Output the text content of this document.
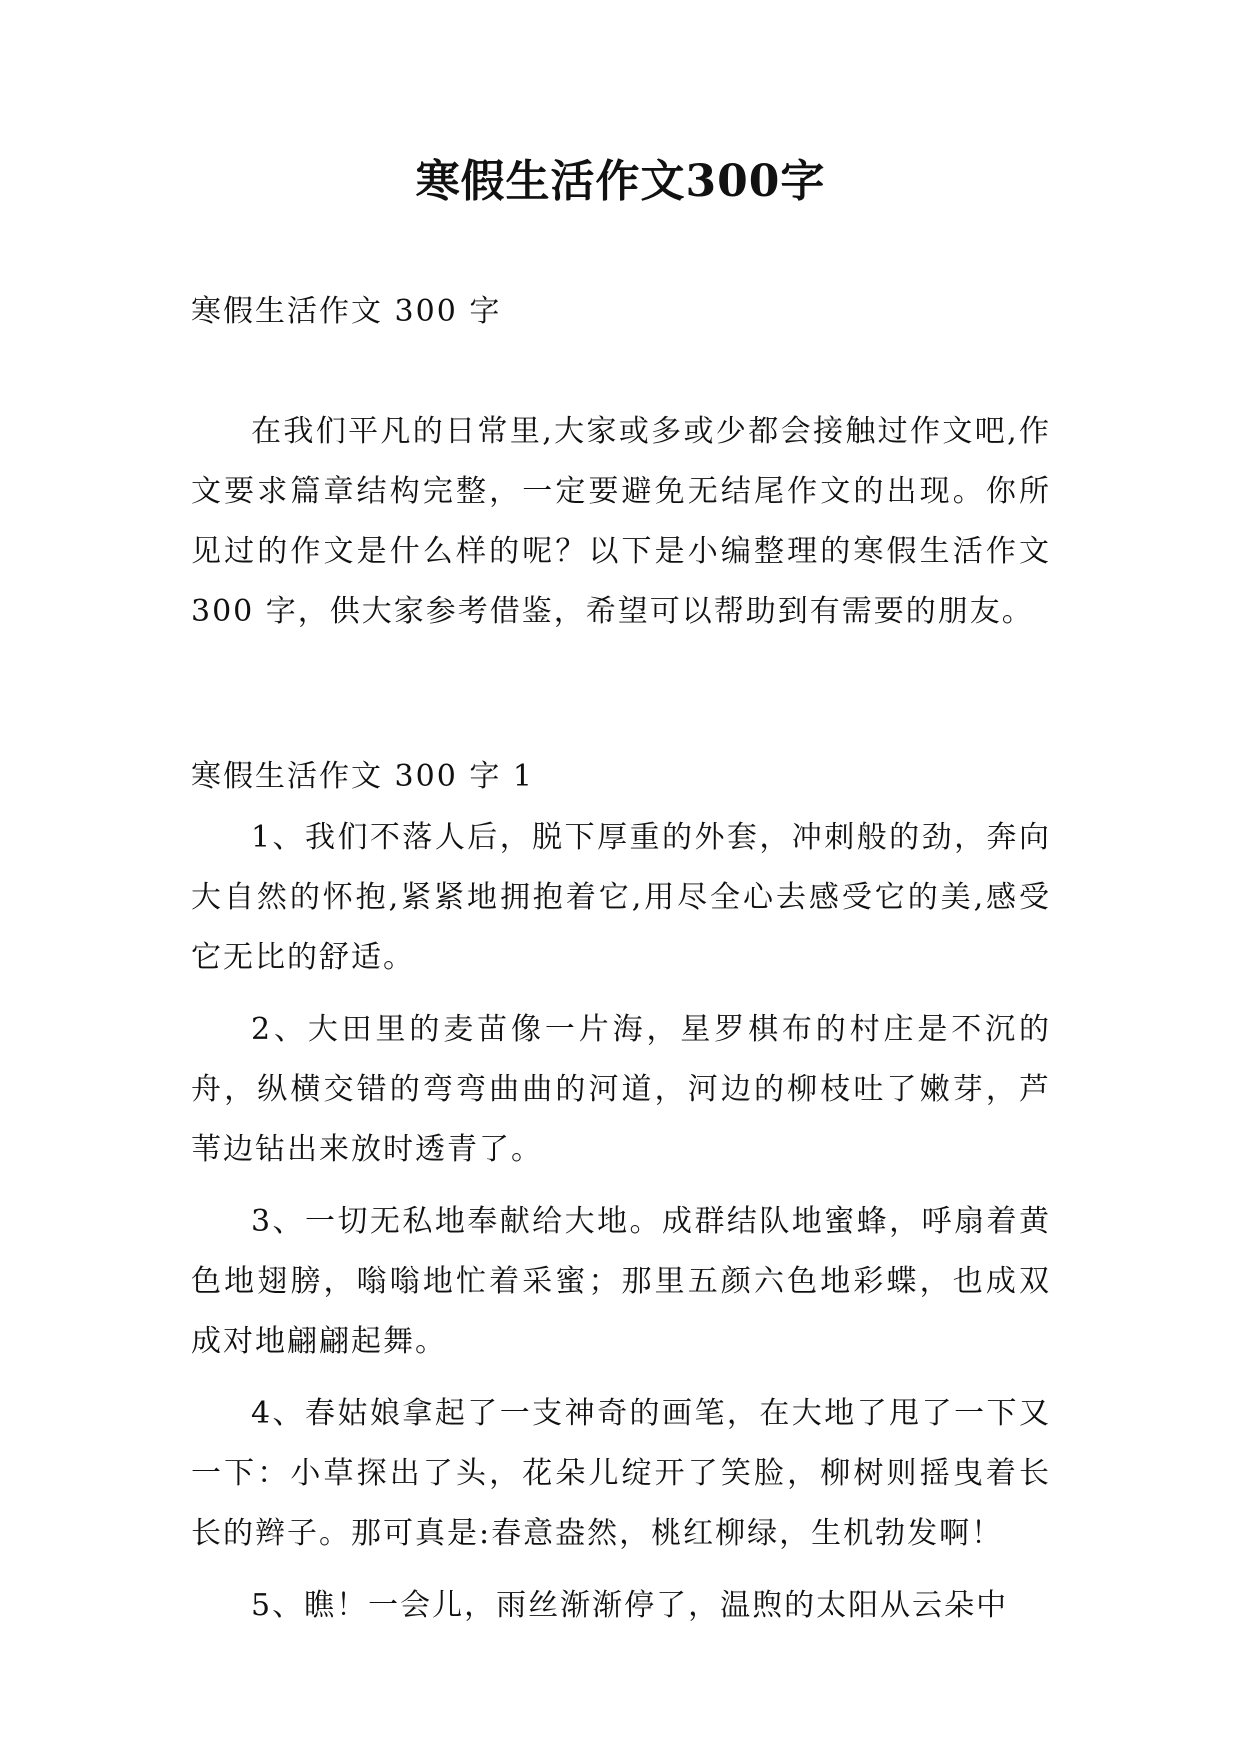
寒假生活作文300字
寒假生活作文 300 字

在我们平凡的日常里,大家或多或少都会接触过作文吧,作文要求篇章结构完整，一定要避免无结尾作文的出现。你所见过的作文是什么样的呢？以下是小编整理的寒假生活作文 300 字，供大家参考借鉴，希望可以帮助到有需要的朋友。

寒假生活作文 300 字 1

1、我们不落人后，脱下厚重的外套，冲刺般的劲，奔向大自然的怀抱,紧紧地拥抱着它,用尽全心去感受它的美,感受它无比的舒适。

2、大田里的麦苗像一片海，星罗棋布的村庄是不沉的舟，纵横交错的弯弯曲曲的河道，河边的柳枝吐了嫩芽，芦苇边钻出来放时透青了。

3、一切无私地奉献给大地。成群结队地蜜蜂，呼扇着黄色地翅膀，嗡嗡地忙着采蜜；那里五颜六色地彩蝶，也成双成对地翩翩起舞。

4、春姑娘拿起了一支神奇的画笔，在大地了甩了一下又一下：小草探出了头，花朵儿绽开了笑脸，柳树则摇曳着长长的辫子。那可真是:春意盎然，桃红柳绿，生机勃发啊！

5、瞧！一会儿，雨丝渐渐停了，温煦的太阳从云朵中
